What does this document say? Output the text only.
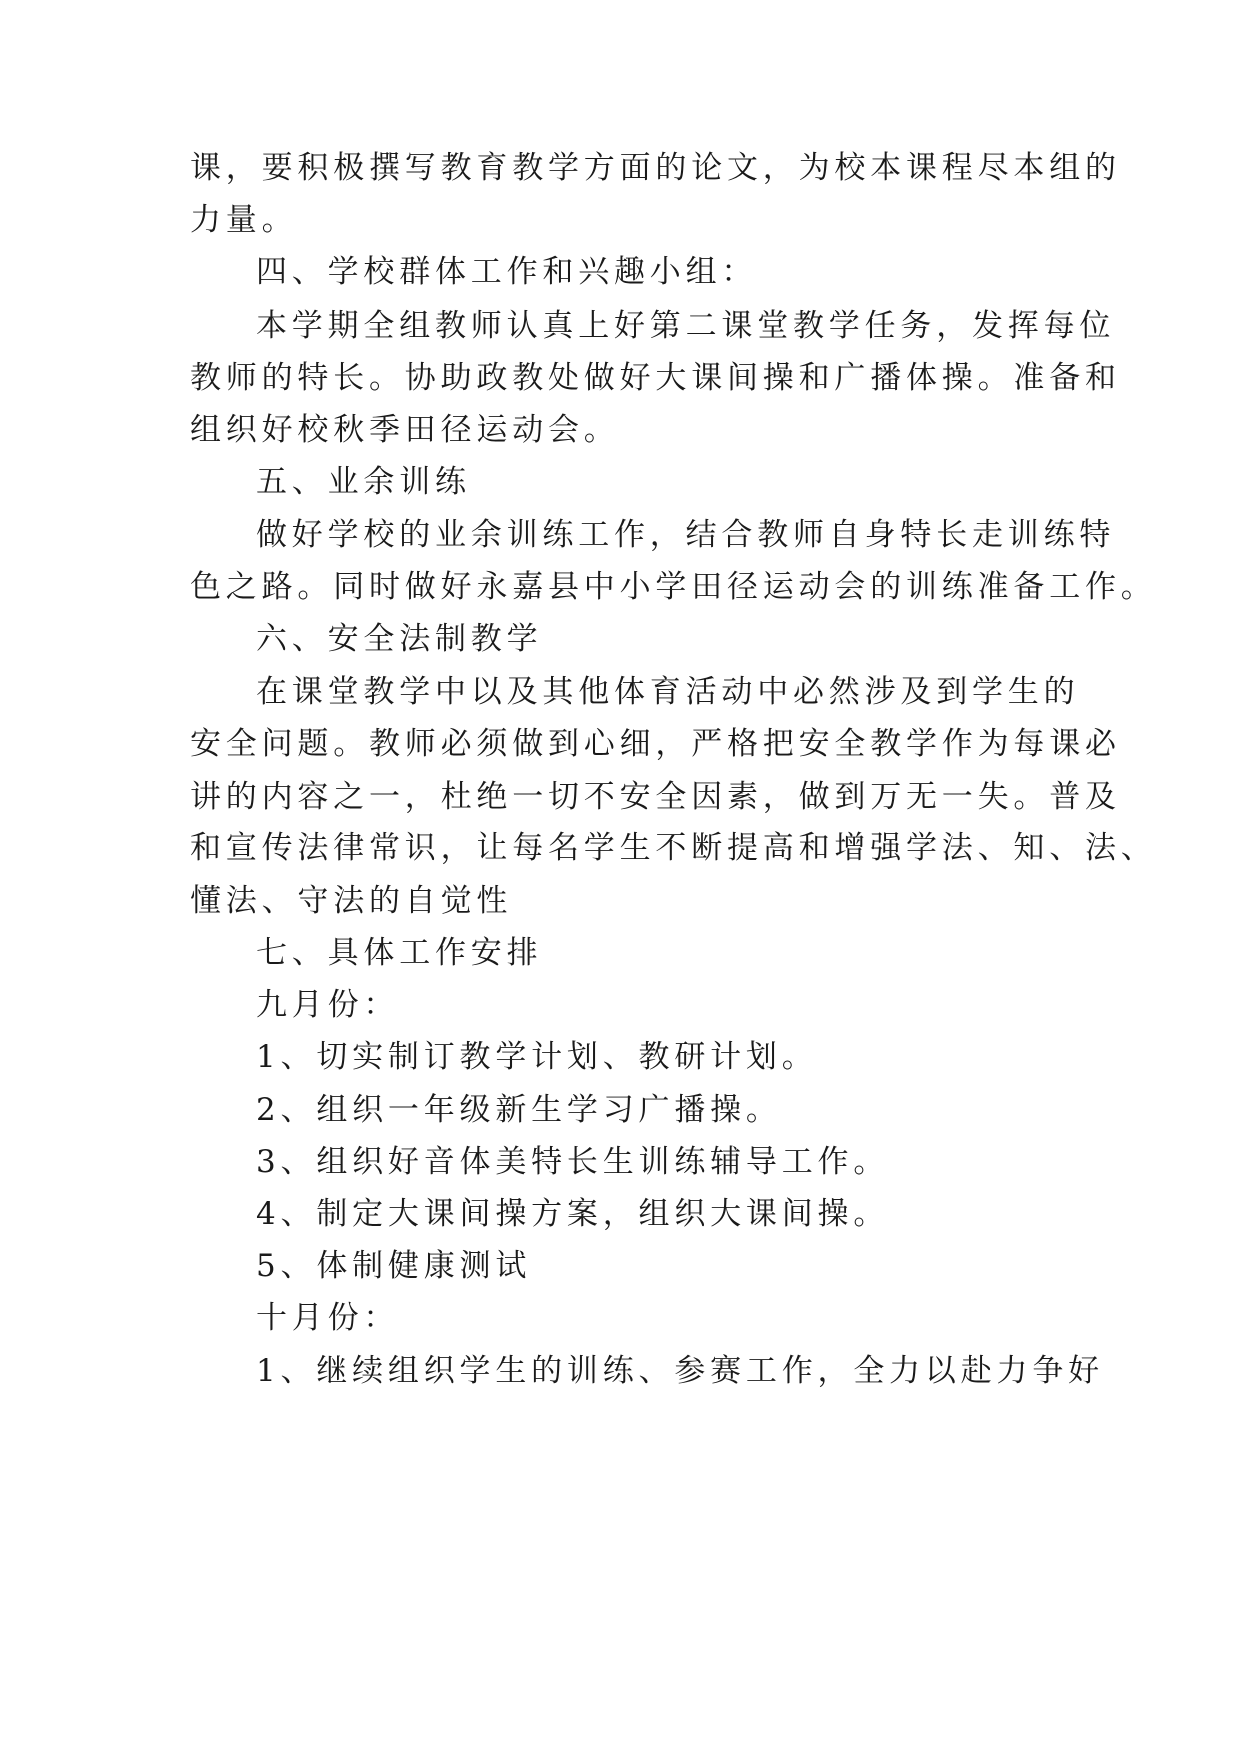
课，要积极撰写教育教学方面的论文，为校本课程尽本组的
力量。
四、学校群体工作和兴趣小组：
本学期全组教师认真上好第二课堂教学任务，发挥每位
教师的特长。协助政教处做好大课间操和广播体操。准备和
组织好校秋季田径运动会。
五、业余训练
做好学校的业余训练工作，结合教师自身特长走训练特
色之路。同时做好永嘉县中小学田径运动会的训练准备工作。
六、安全法制教学
在课堂教学中以及其他体育活动中必然涉及到学生的
安全问题。教师必须做到心细，严格把安全教学作为每课必
讲的内容之一，杜绝一切不安全因素，做到万无一失。普及
和宣传法律常识，让每名学生不断提高和增强学法、知、法、
懂法、守法的自觉性
七、具体工作安排
九月份：
1、切实制订教学计划、教研计划。
2、组织一年级新生学习广播操。
3、组织好音体美特长生训练辅导工作。
4、制定大课间操方案，组织大课间操。
5、体制健康测试
十月份：
1、继续组织学生的训练、参赛工作，全力以赴力争好
